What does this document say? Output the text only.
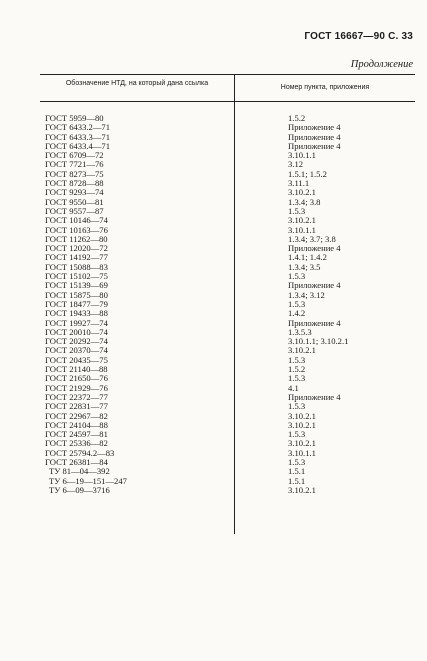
ГОСТ 16667—90 С. 33
Продолжение
Обозначение НТД, на который дана ссылка
Номер пункта, приложения
ГОСТ 5959—80	1.5.2
ГОСТ 6433.2—71	Приложение 4
ГОСТ 6433.3—71	Приложение 4
ГОСТ 6433.4—71	Приложение 4
ГОСТ 6709—72	3.10.1.1
ГОСТ 7721—76	3.12
ГОСТ 8273—75	1.5.1; 1.5.2
ГОСТ 8728—88	3.11.1
ГОСТ 9293—74	3.10.2.1
ГОСТ 9550—81	1.3.4; 3.8
ГОСТ 9557—87	1.5.3
ГОСТ 10146—74	3.10.2.1
ГОСТ 10163—76	3.10.1.1
ГОСТ 11262—80	1.3.4; 3.7; 3.8
ГОСТ 12020—72	Приложение 4
ГОСТ 14192—77	1.4.1; 1.4.2
ГОСТ 15088—83	1.3.4; 3.5
ГОСТ 15102—75	1.5.3
ГОСТ 15139—69	Приложение 4
ГОСТ 15875—80	1.3.4; 3.12
ГОСТ 18477—79	1.5.3
ГОСТ 19433—88	1.4.2
ГОСТ 19927—74	Приложение 4
ГОСТ 20010—74	1.3.5.3
ГОСТ 20292—74	3.10.1.1; 3.10.2.1
ГОСТ 20370—74	3.10.2.1
ГОСТ 20435—75	1.5.3
ГОСТ 21140—88	1.5.2
ГОСТ 21650—76	1.5.3
ГОСТ 21929—76	4.1
ГОСТ 22372—77	Приложение 4
ГОСТ 22831—77	1.5.3
ГОСТ 22967—82	3.10.2.1
ГОСТ 24104—88	3.10.2.1
ГОСТ 24597—81	1.5.3
ГОСТ 25336—82	3.10.2.1
ГОСТ 25794.2—83	3.10.1.1
ГОСТ 26381—84	1.5.3
ТУ 81—04—392	1.5.1
ТУ 6—19—151—247	1.5.1
ТУ 6—09—3716	3.10.2.1
